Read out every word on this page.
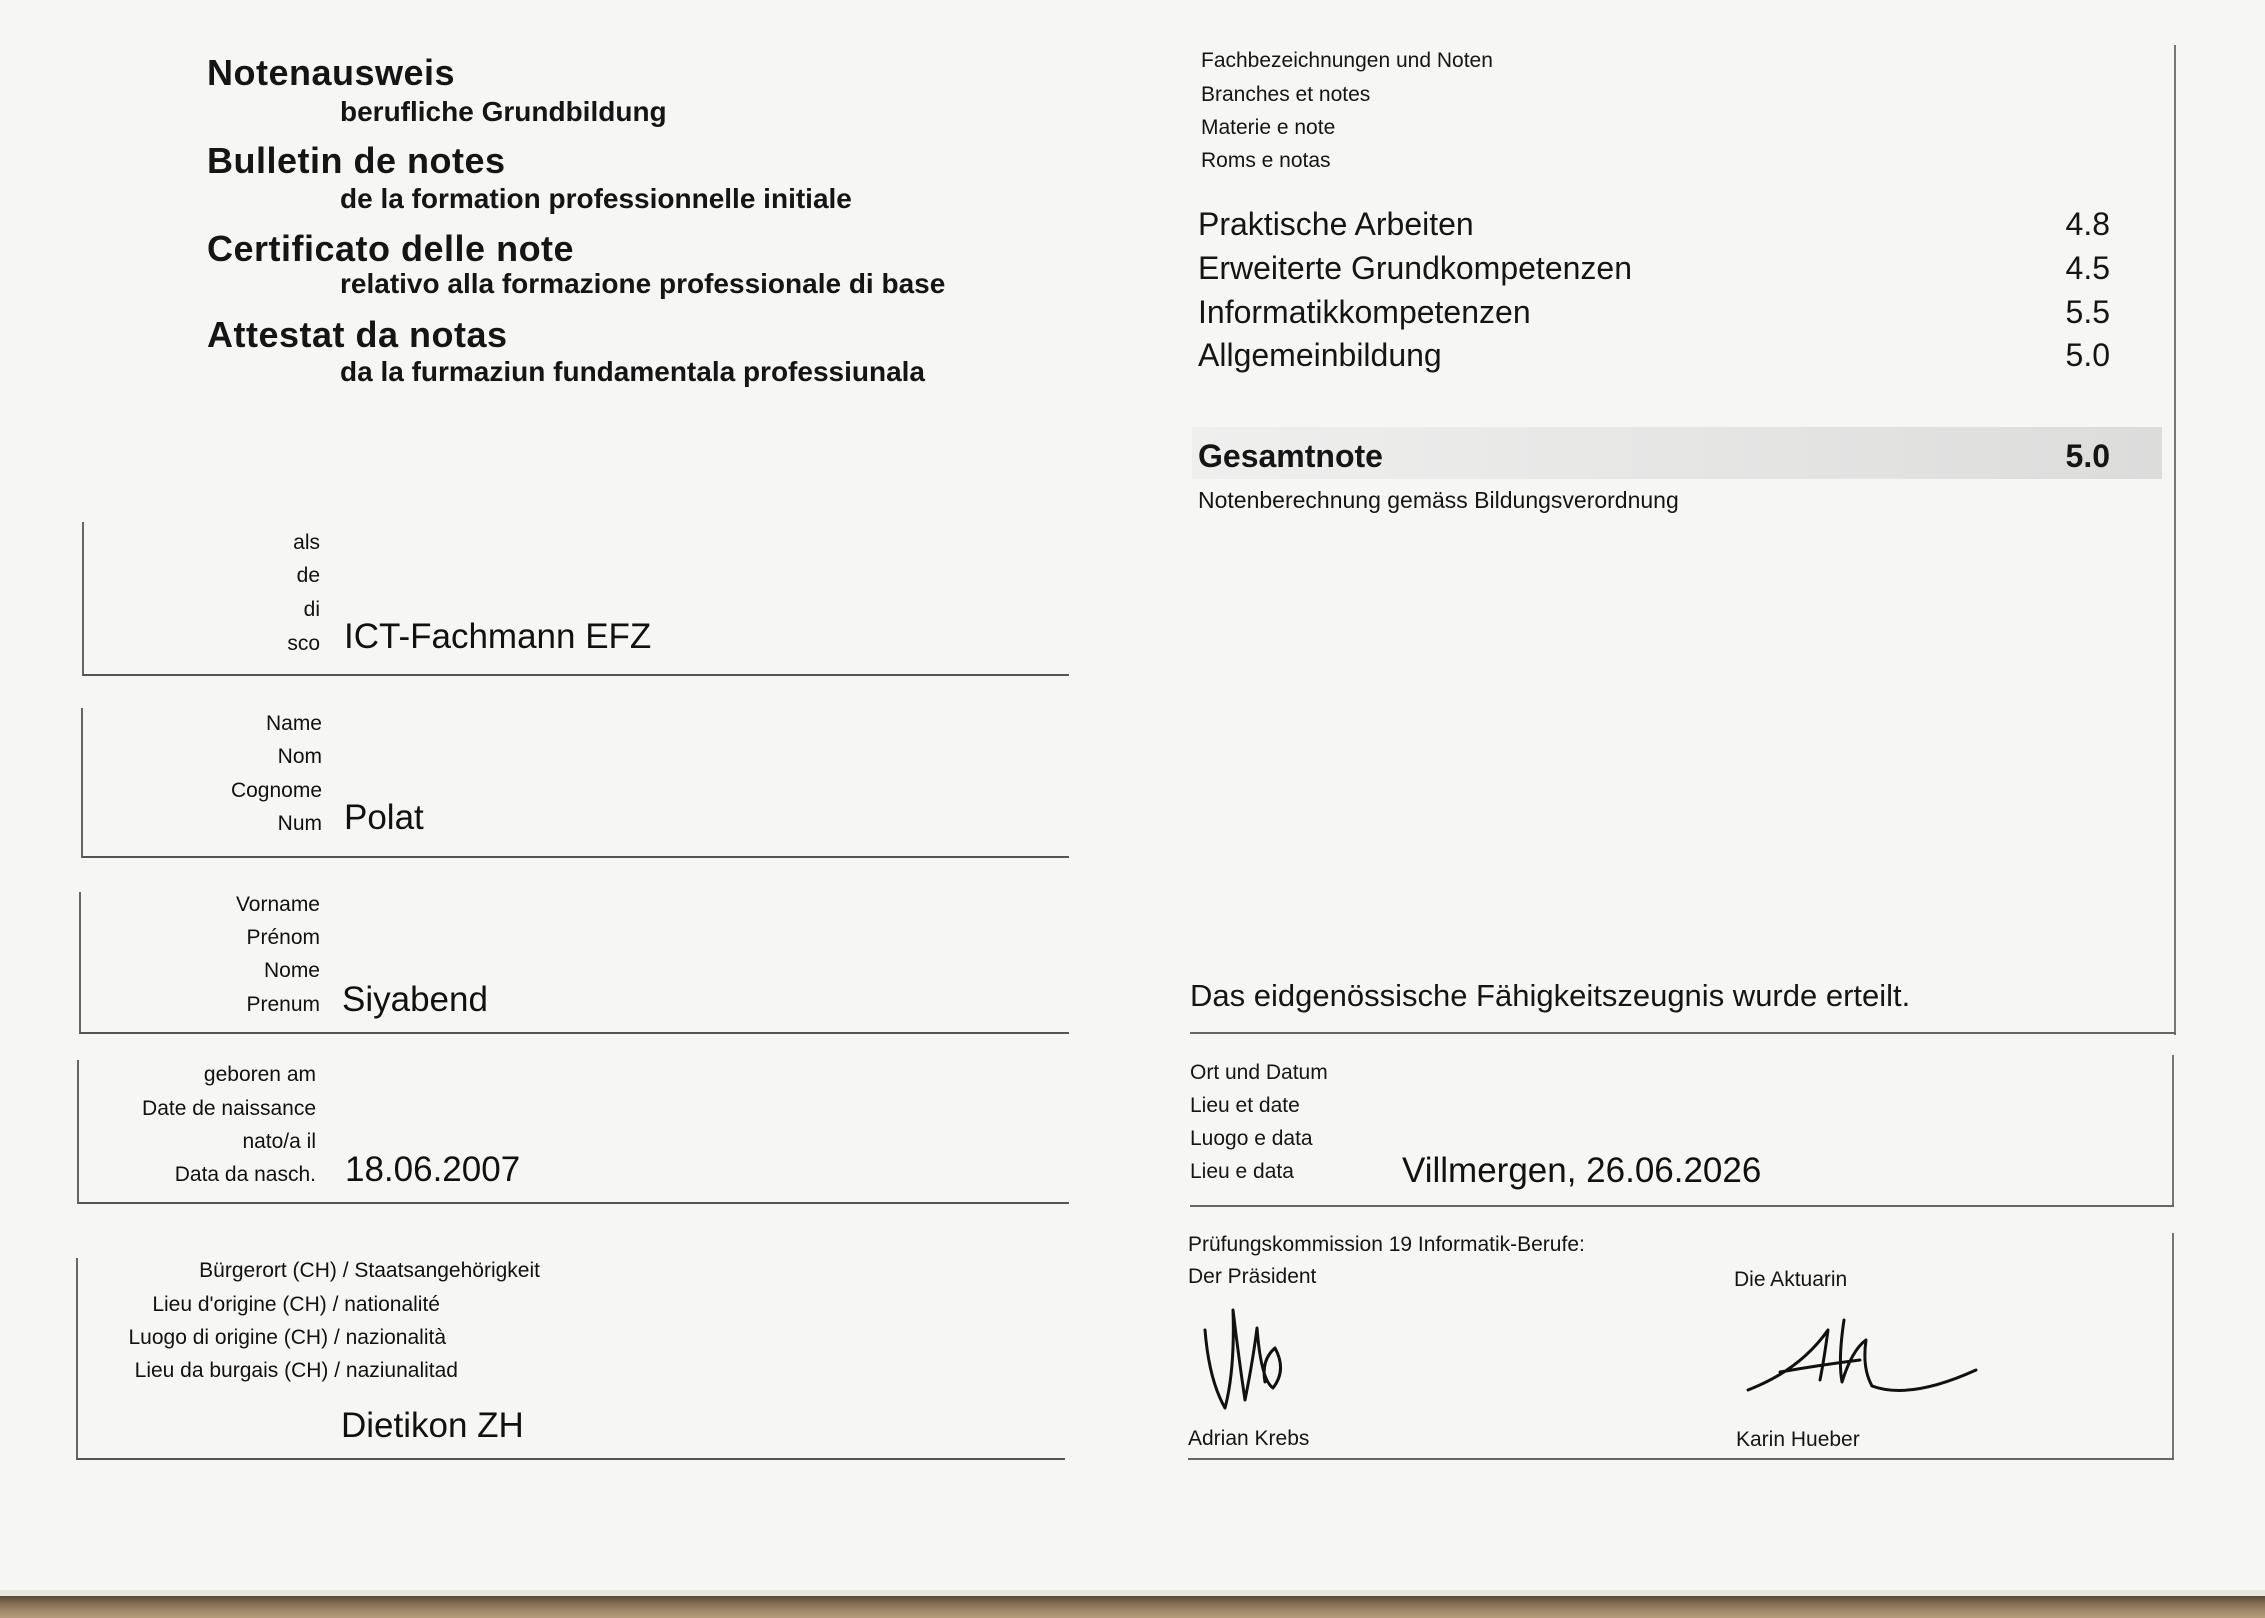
Notenausweis
berufliche Grundbildung
Bulletin de notes
de la formation professionnelle initiale
Certificato delle note
relativo alla formazione professionale di base
Attestat da notas
da la furmaziun fundamentala professiunala
als
de
di
sco ICT-Fachmann EFZ
Name
Nom
Cognome
Num Polat
Vorname
Prénom
Nome
Prenum Siyabend
geboren am
Date de naissance
nato/a il
Data da nasch. 18.06.2007
Bürgerort (CH) / Staatsangehörigkeit
Lieu d'origine (CH) / nationalité
Luogo di origine (CH) / nazionalità
Lieu da burgais (CH) / naziunalitad
Dietikon ZH
Fachbezeichnungen und Noten
Branches et notes
Materie e note
Roms e notas
Praktische Arbeiten	4.8
Erweiterte Grundkompetenzen	4.5
Informatikkompetenzen	5.5
Allgemeinbildung	5.0
Gesamtnote	5.0
Notenberechnung gemäss Bildungsverordnung
Das eidgenössische Fähigkeitszeugnis wurde erteilt.
Ort und Datum
Lieu et date
Luogo e data
Lieu e data	Villmergen, 26.06.2026
Prüfungskommission 19 Informatik-Berufe:
Der Präsident	Die Aktuarin
Adrian Krebs	Karin Hueber
